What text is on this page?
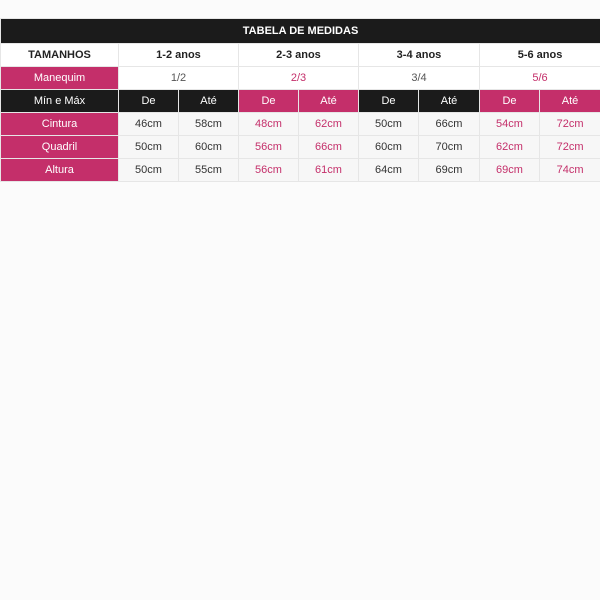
TABELA DE MEDIDAS								
TAMANHOS	1-2 anos		2-3 anos		3-4 anos		5-6 anos	
Manequim	1/2		2/3		3/4		5/6	
Mín e Máx	De	Até	De	Até	De	Até	De	Até
Cintura	46cm	58cm	48cm	62cm	50cm	66cm	54cm	72cm
Quadril	50cm	60cm	56cm	66cm	60cm	70cm	62cm	72cm
Altura	50cm	55cm	56cm	61cm	64cm	69cm	69cm	74cm
